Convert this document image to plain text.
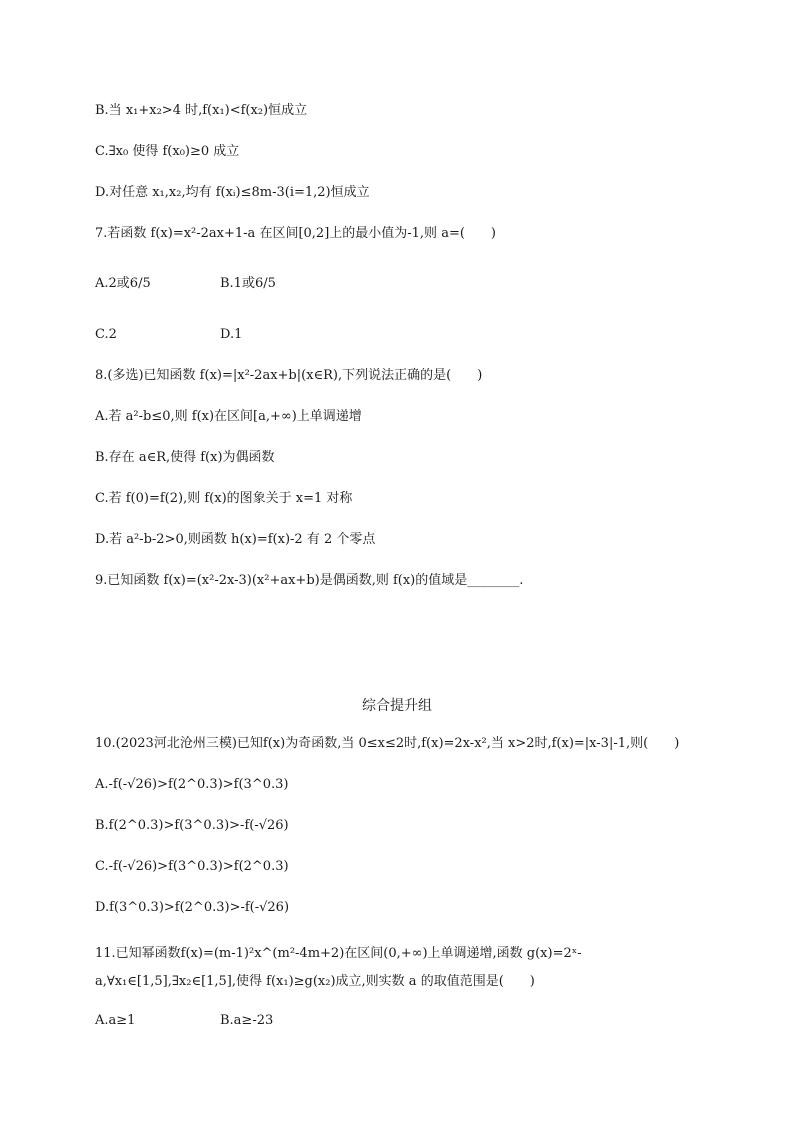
B.当 x₁+x₂>4 时,f(x₁)<f(x₂)恒成立
C.∃x₀ 使得 f(x₀)≥0 成立
D.对任意 x₁,x₂,均有 f(xᵢ)≤8m-3(i=1,2)恒成立
7.若函数 f(x)=x²-2ax+1-a 在区间[0,2]上的最小值为-1,则 a=(　　)
A.2或6/5	B.1或6/5
C.2	D.1
8.(多选)已知函数 f(x)=|x²-2ax+b|(x∈R),下列说法正确的是(　　)
A.若 a²-b≤0,则 f(x)在区间[a,+∞)上单调递增
B.存在 a∈R,使得 f(x)为偶函数
C.若 f(0)=f(2),则 f(x)的图象关于 x=1 对称
D.若 a²-b-2>0,则函数 h(x)=f(x)-2 有 2 个零点
9.已知函数 f(x)=(x²-2x-3)(x²+ax+b)是偶函数,则 f(x)的值域是________.
综合提升组
10.(2023河北沧州三模)已知f(x)为奇函数,当 0≤x≤2时,f(x)=2x-x²,当 x>2时,f(x)=|x-3|-1,则(　　)
A.-f(-√26)>f(2^0.3)>f(3^0.3)
B.f(2^0.3)>f(3^0.3)>-f(-√26)
C.-f(-√26)>f(3^0.3)>f(2^0.3)
D.f(3^0.3)>f(2^0.3)>-f(-√26)
11.已知幂函数f(x)=(m-1)²x^(m²-4m+2)在区间(0,+∞)上单调递增,函数 g(x)=2ˣ-a,∀x₁∈[1,5],∃x₂∈[1,5],使得 f(x₁)≥g(x₂)成立,则实数 a 的取值范围是(　　)
A.a≥1	B.a≥-23
